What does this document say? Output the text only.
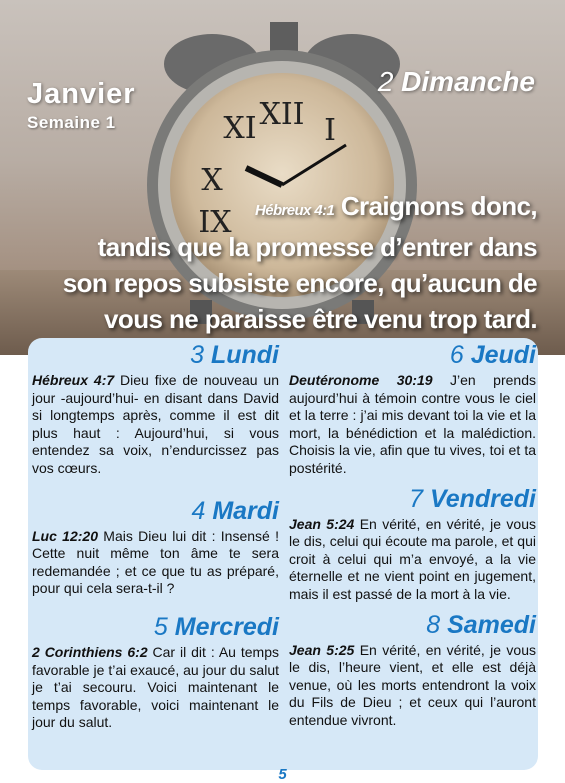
XII
XI I
X
IX
Janvier
Semaine 1
2 Dimanche
Hébreux 4:1 Craignons donc,
tandis que la promesse d’entrer dans
son repos subsiste encore, qu’aucun de
vous ne paraisse être venu trop tard.
3 Lundi

Hébreux 4:7 Dieu fixe de nouveau un jour -aujourd’hui- en disant dans David si longtemps après, comme il est dit plus haut : Aujourd’hui, si vous entendez sa voix, n’endurcissez pas vos cœurs.

4 Mardi

Luc 12:20 Mais Dieu lui dit : Insensé ! Cette nuit même ton âme te sera redemandée ; et ce que tu as préparé, pour qui cela sera-t-il ?

5 Mercredi

2 Corinthiens 6:2 Car il dit : Au temps favorable je t’ai exaucé, au jour du salut je t’ai secouru. Voici maintenant le temps favorable, voici maintenant le jour du salut.

6 Jeudi

Deutéronome 30:19 J’en prends aujourd’hui à témoin contre vous le ciel et la terre : j’ai mis devant toi la vie et la mort, la bénédiction et la malédiction. Choisis la vie, afin que tu vives, toi et ta postérité.

7 Vendredi

Jean 5:24 En vérité, en vérité, je vous le dis, celui qui écoute ma parole, et qui croit à celui qui m’a envoyé, a la vie éternelle et ne vient point en jugement, mais il est passé de la mort à la vie.

8 Samedi

Jean 5:25 En vérité, en vérité, je vous le dis, l’heure vient, et elle est déjà venue, où les morts entendront la voix du Fils de Dieu ; et ceux qui l’auront entendue vivront.

5
